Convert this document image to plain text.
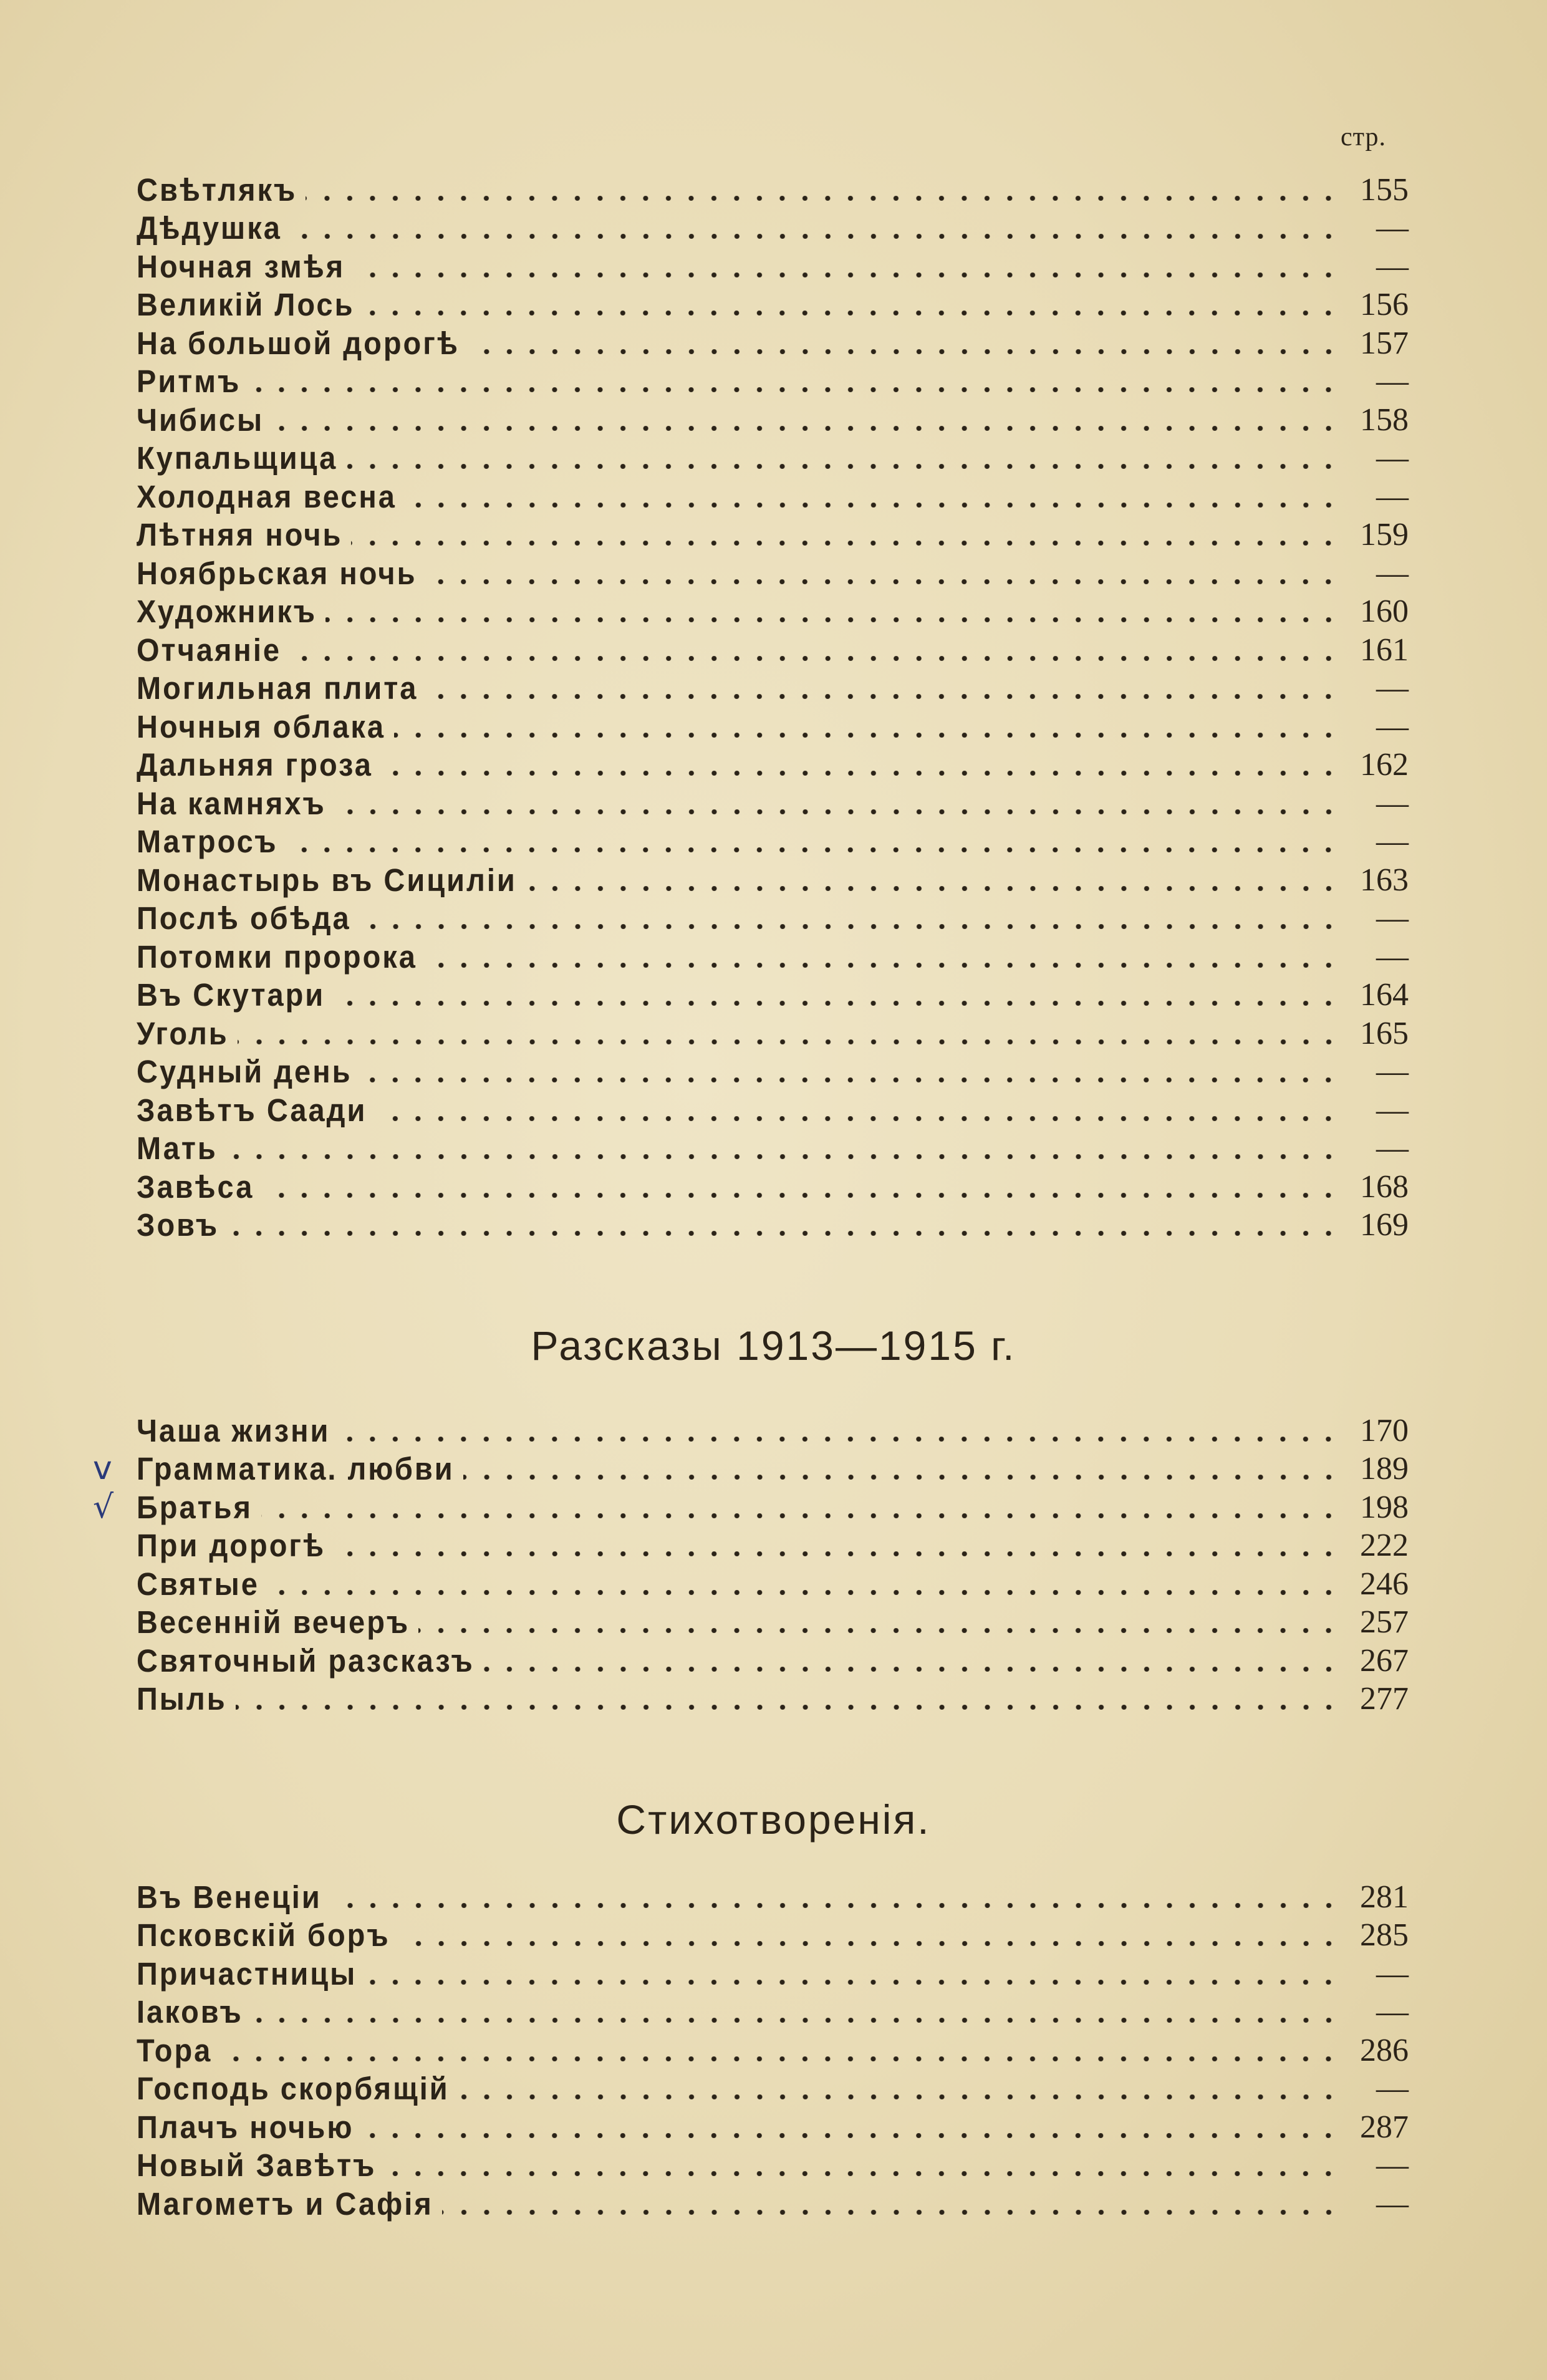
стр.
Свѣтлякъ	155
Дѣдушка	—
Ночная змѣя	—
Великій Лось	156
На большой дорогѣ	157
Ритмъ	—
Чибисы	158
Купальщица	—
Холодная весна	—
Лѣтняя ночь	159
Ноябрьская ночь	—
Художникъ	160
Отчаяніе	161
Могильная плита	—
Ночныя облака	—
Дальняя гроза	162
На камняхъ	—
Матросъ	—
Монастырь въ Сициліи	163
Послѣ обѣда	—
Потомки пророка	—
Въ Скутари	164
Уголь	165
Судный день	—
Завѣтъ Саади	—
Мать	—
Завѣса	168
Зовъ	169
Разсказы 1913—1915 г.
Чаша жизни	170
v Грамматика. любви	189
√ Братья	198
При дорогѣ	222
Святые	246
Весенній вечеръ	257
Святочный разсказъ	267
Пыль	277
Стихотворенія.
Въ Венеціи	281
Псковскій боръ	285
Причастницы	—
Іаковъ	—
Тора	286
Господь скорбящій	—
Плачъ ночью	287
Новый Завѣтъ	—
Магометъ и Сафія	—
